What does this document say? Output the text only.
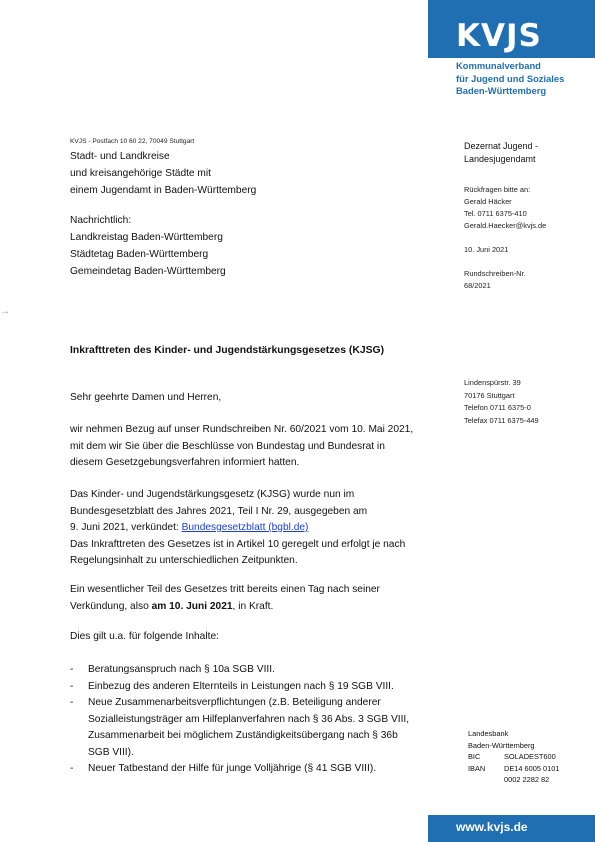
KVJS
Kommunalverband
für Jugend und Soziales
Baden-Württemberg
KVJS - Postfach 10 60 22, 70049 Stuttgart
Stadt- und Landkreise
und kreisangehörige Städte mit
einem Jugendamt in Baden-Württemberg
Nachrichtlich:
Landkreistag Baden-Württemberg
Städtetag Baden-Württemberg
Gemeindetag Baden-Württemberg
Dezernat Jugend -
Landesjugendamt
Rückfragen bitte an:
Gerald Häcker
Tel. 0711 6375-410
Gerald.Haecker@kvjs.de
10. Juni 2021
Rundschreiben-Nr.
68/2021
Lindenspürstr. 39
70176 Stuttgart
Telefon 0711 6375-0
Telefax 0711 6375-449
→
Inkrafttreten des Kinder- und Jugendstärkungsgesetzes (KJSG)
Sehr geehrte Damen und Herren,

wir nehmen Bezug auf unser Rundschreiben Nr. 60/2021 vom 10. Mai 2021,

mit dem wir Sie über die Beschlüsse von Bundestag und Bundesrat in

diesem Gesetzgebungsverfahren informiert hatten.

Das Kinder- und Jugendstärkungsgesetz (KJSG) wurde nun im

Bundesgesetzblatt des Jahres 2021, Teil I Nr. 29, ausgegeben am

9. Juni 2021, verkündet: Bundesgesetzblatt (bgbl.de)

Das Inkrafttreten des Gesetzes ist in Artikel 10 geregelt und erfolgt je nach

Regelungsinhalt zu unterschiedlichen Zeitpunkten.

Ein wesentlicher Teil des Gesetzes tritt bereits einen Tag nach seiner

Verkündung, also am 10. Juni 2021, in Kraft.

Dies gilt u.a. für folgende Inhalte:
-	Beratungsanspruch nach § 10a SGB VIII.
-	Einbezug des anderen Elternteils in Leistungen nach § 19 SGB VIII.
-	Neue Zusammenarbeitsverpflichtungen (z.B. Beteiligung anderer
Sozialleistungsträger am Hilfeplanverfahren nach § 36 Abs. 3 SGB VIII,
Zusammenarbeit bei möglichem Zuständigkeitsübergang nach § 36b
SGB VIII).
-	Neuer Tatbestand der Hilfe für junge Volljährige (§ 41 SGB VIII).
Landesbank
Baden-Württemberg
BIC	SOLADEST600
IBAN	DE14 6005 0101
0002 2282 82
www.kvjs.de
